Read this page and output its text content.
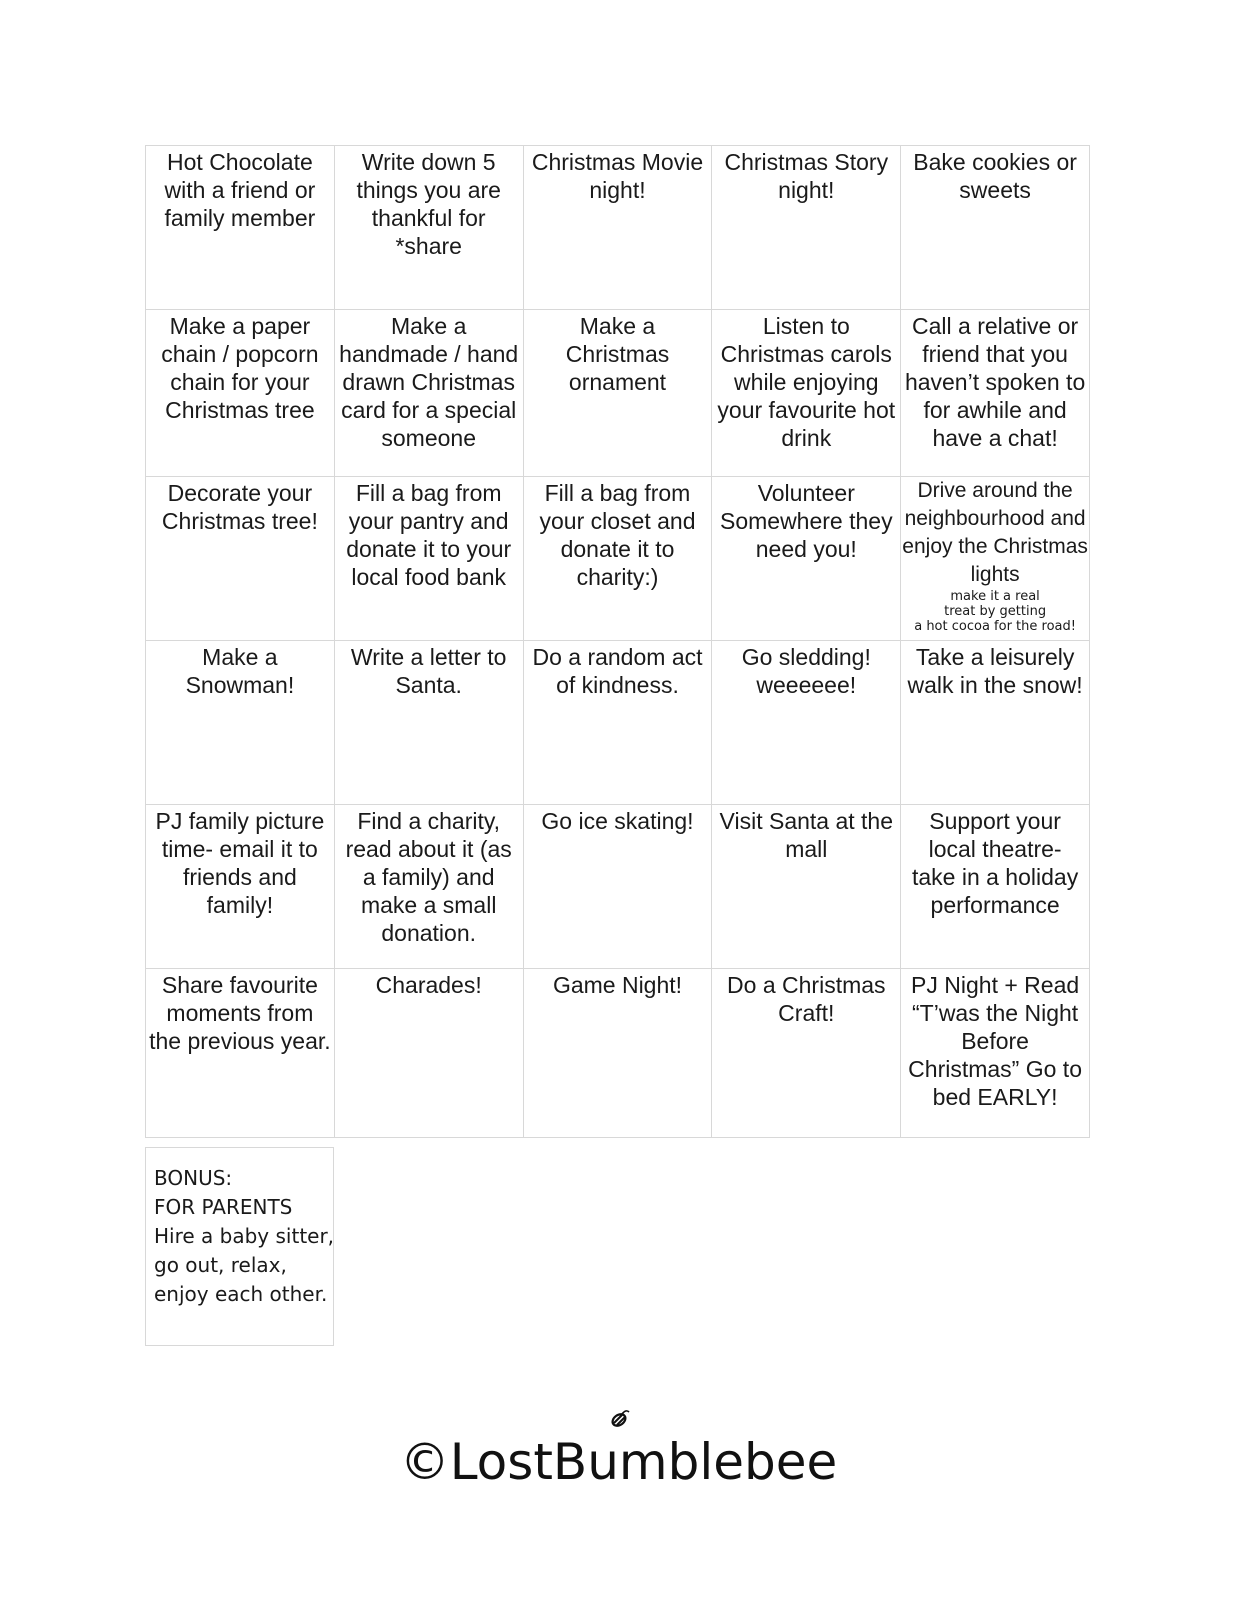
Hot Chocolate with a friend or family member	Write down 5 things you are thankful for *share	Christmas Movie night!	Christmas Story night!	Bake cookies or sweets

Make a paper chain / popcorn chain for your Christmas tree	Make a handmade / hand drawn Christmas card for a special someone	Make a Christmas ornament	Listen to Christmas carols while enjoying your favourite hot drink	Call a relative or friend that you haven’t spoken to for awhile and have a chat!

Decorate your Christmas tree!	Fill a bag from your pantry and donate it to your local food bank	Fill a bag from your closet and donate it to charity:)	Volunteer Somewhere they need you!	Drive around the neighbourhood and enjoy the Christmas lights
make it a real
treat by getting
a hot cocoa for the road!

Make a Snowman!	Write a letter to Santa.	Do a random act of kindness.	Go sledding! weeeeee!	Take a leisurely walk in the snow!

PJ family picture time- email it to friends and family!	Find a charity, read about it (as a family) and make a small donation.	Go ice skating!	Visit Santa at the mall	Support your local theatre- take in a holiday performance

Share favourite moments from the previous year.	Charades!	Game Night!	Do a Christmas Craft!	PJ Night + Read “T’was the Night Before Christmas” Go to bed EARLY!
BONUS:
FOR PARENTS
Hire a baby sitter,
go out, relax,
enjoy each other.
©LostBumblebee
